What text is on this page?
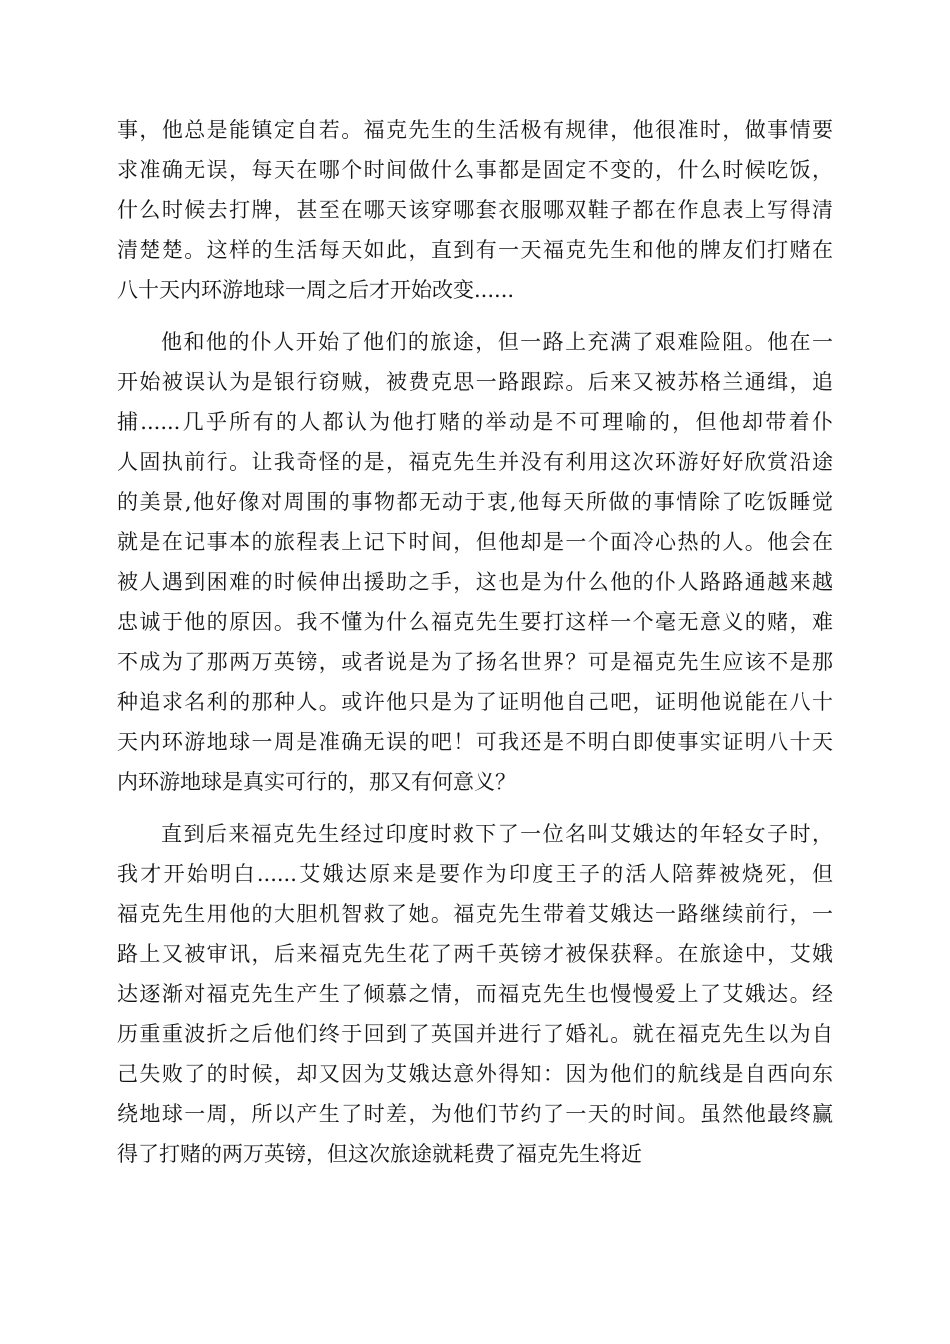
事，他总是能镇定自若。福克先生的生活极有规律，他很准时，做事情要
求准确无误，每天在哪个时间做什么事都是固定不变的，什么时候吃饭，
什么时候去打牌，甚至在哪天该穿哪套衣服哪双鞋子都在作息表上写得清
清楚楚。这样的生活每天如此，直到有一天福克先生和他的牌友们打赌在
八十天内环游地球一周之后才开始改变......
他和他的仆人开始了他们的旅途，但一路上充满了艰难险阻。他在一
开始被误认为是银行窃贼，被费克思一路跟踪。后来又被苏格兰通缉，追
捕......几乎所有的人都认为他打赌的举动是不可理喻的，但他却带着仆
人固执前行。让我奇怪的是，福克先生并没有利用这次环游好好欣赏沿途
的美景,他好像对周围的事物都无动于衷,他每天所做的事情除了吃饭睡觉
就是在记事本的旅程表上记下时间，但他却是一个面冷心热的人。他会在
被人遇到困难的时候伸出援助之手，这也是为什么他的仆人路路通越来越
忠诚于他的原因。我不懂为什么福克先生要打这样一个毫无意义的赌，难
不成为了那两万英镑，或者说是为了扬名世界？可是福克先生应该不是那
种追求名利的那种人。或许他只是为了证明他自己吧，证明他说能在八十
天内环游地球一周是准确无误的吧！可我还是不明白即使事实证明八十天
内环游地球是真实可行的，那又有何意义？
直到后来福克先生经过印度时救下了一位名叫艾娥达的年轻女子时，
我才开始明白......艾娥达原来是要作为印度王子的活人陪葬被烧死，但
福克先生用他的大胆机智救了她。福克先生带着艾娥达一路继续前行，一
路上又被审讯，后来福克先生花了两千英镑才被保获释。在旅途中，艾娥
达逐渐对福克先生产生了倾慕之情，而福克先生也慢慢爱上了艾娥达。经
历重重波折之后他们终于回到了英国并进行了婚礼。就在福克先生以为自
己失败了的时候，却又因为艾娥达意外得知：因为他们的航线是自西向东
绕地球一周，所以产生了时差，为他们节约了一天的时间。虽然他最终赢
得了打赌的两万英镑，但这次旅途就耗费了福克先生将近
